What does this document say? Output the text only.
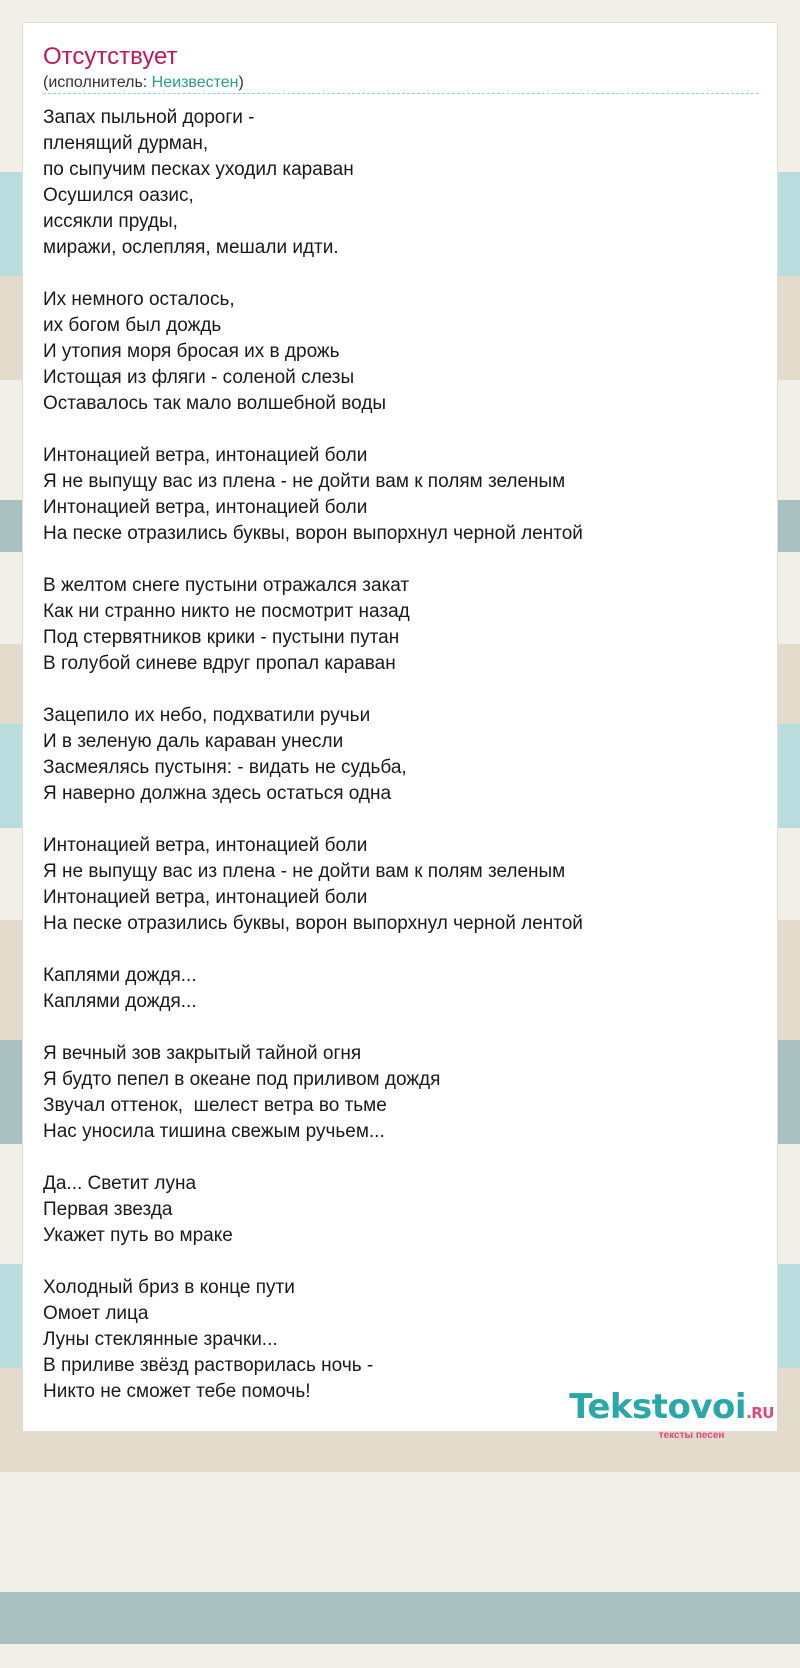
Отсутствует
(исполнитель: Неизвестен)
Запах пыльной дороги -
пленящий дурман,
по сыпучим песках уходил караван
Осушился оазис,
иссякли пруды,
миражи, ослепляя, мешали идти.
Их немного осталось,
их богом был дождь
И утопия моря бросая их в дрожь
Истощая из фляги - соленой слезы
Оставалось так мало волшебной воды
Интонацией ветра, интонацией боли
Я не выпущу вас из плена - не дойти вам к полям зеленым
Интонацией ветра, интонацией боли
На песке отразились буквы, ворон выпорхнул черной лентой
В желтом снеге пустыни отражался закат
Как ни странно никто не посмотрит назад
Под стервятников крики - пустыни путан
В голубой синеве вдруг пропал караван
Зацепило их небо, подхватили ручьи
И в зеленую даль караван унесли
Засмеялясь пустыня: - видать не судьба,
Я наверно должна здесь остаться одна
Интонацией ветра, интонацией боли
Я не выпущу вас из плена - не дойти вам к полям зеленым
Интонацией ветра, интонацией боли
На песке отразились буквы, ворон выпорхнул черной лентой
Каплями дождя...
Каплями дождя...
Я вечный зов закрытый тайной огня
Я будто пепел в океане под приливом дождя
Звучал оттенок,  шелест ветра во тьме
Нас уносила тишина свежым ручьем...
Да... Светит луна
Первая звезда
Укажет путь во мраке
Холодный бриз в конце пути
Омоет лица
Луны стеклянные зрачки...
В приливе звёзд растворилась ночь -
Никто не сможет тебе помочь!	Tekstovoi.RU
тексты песен
